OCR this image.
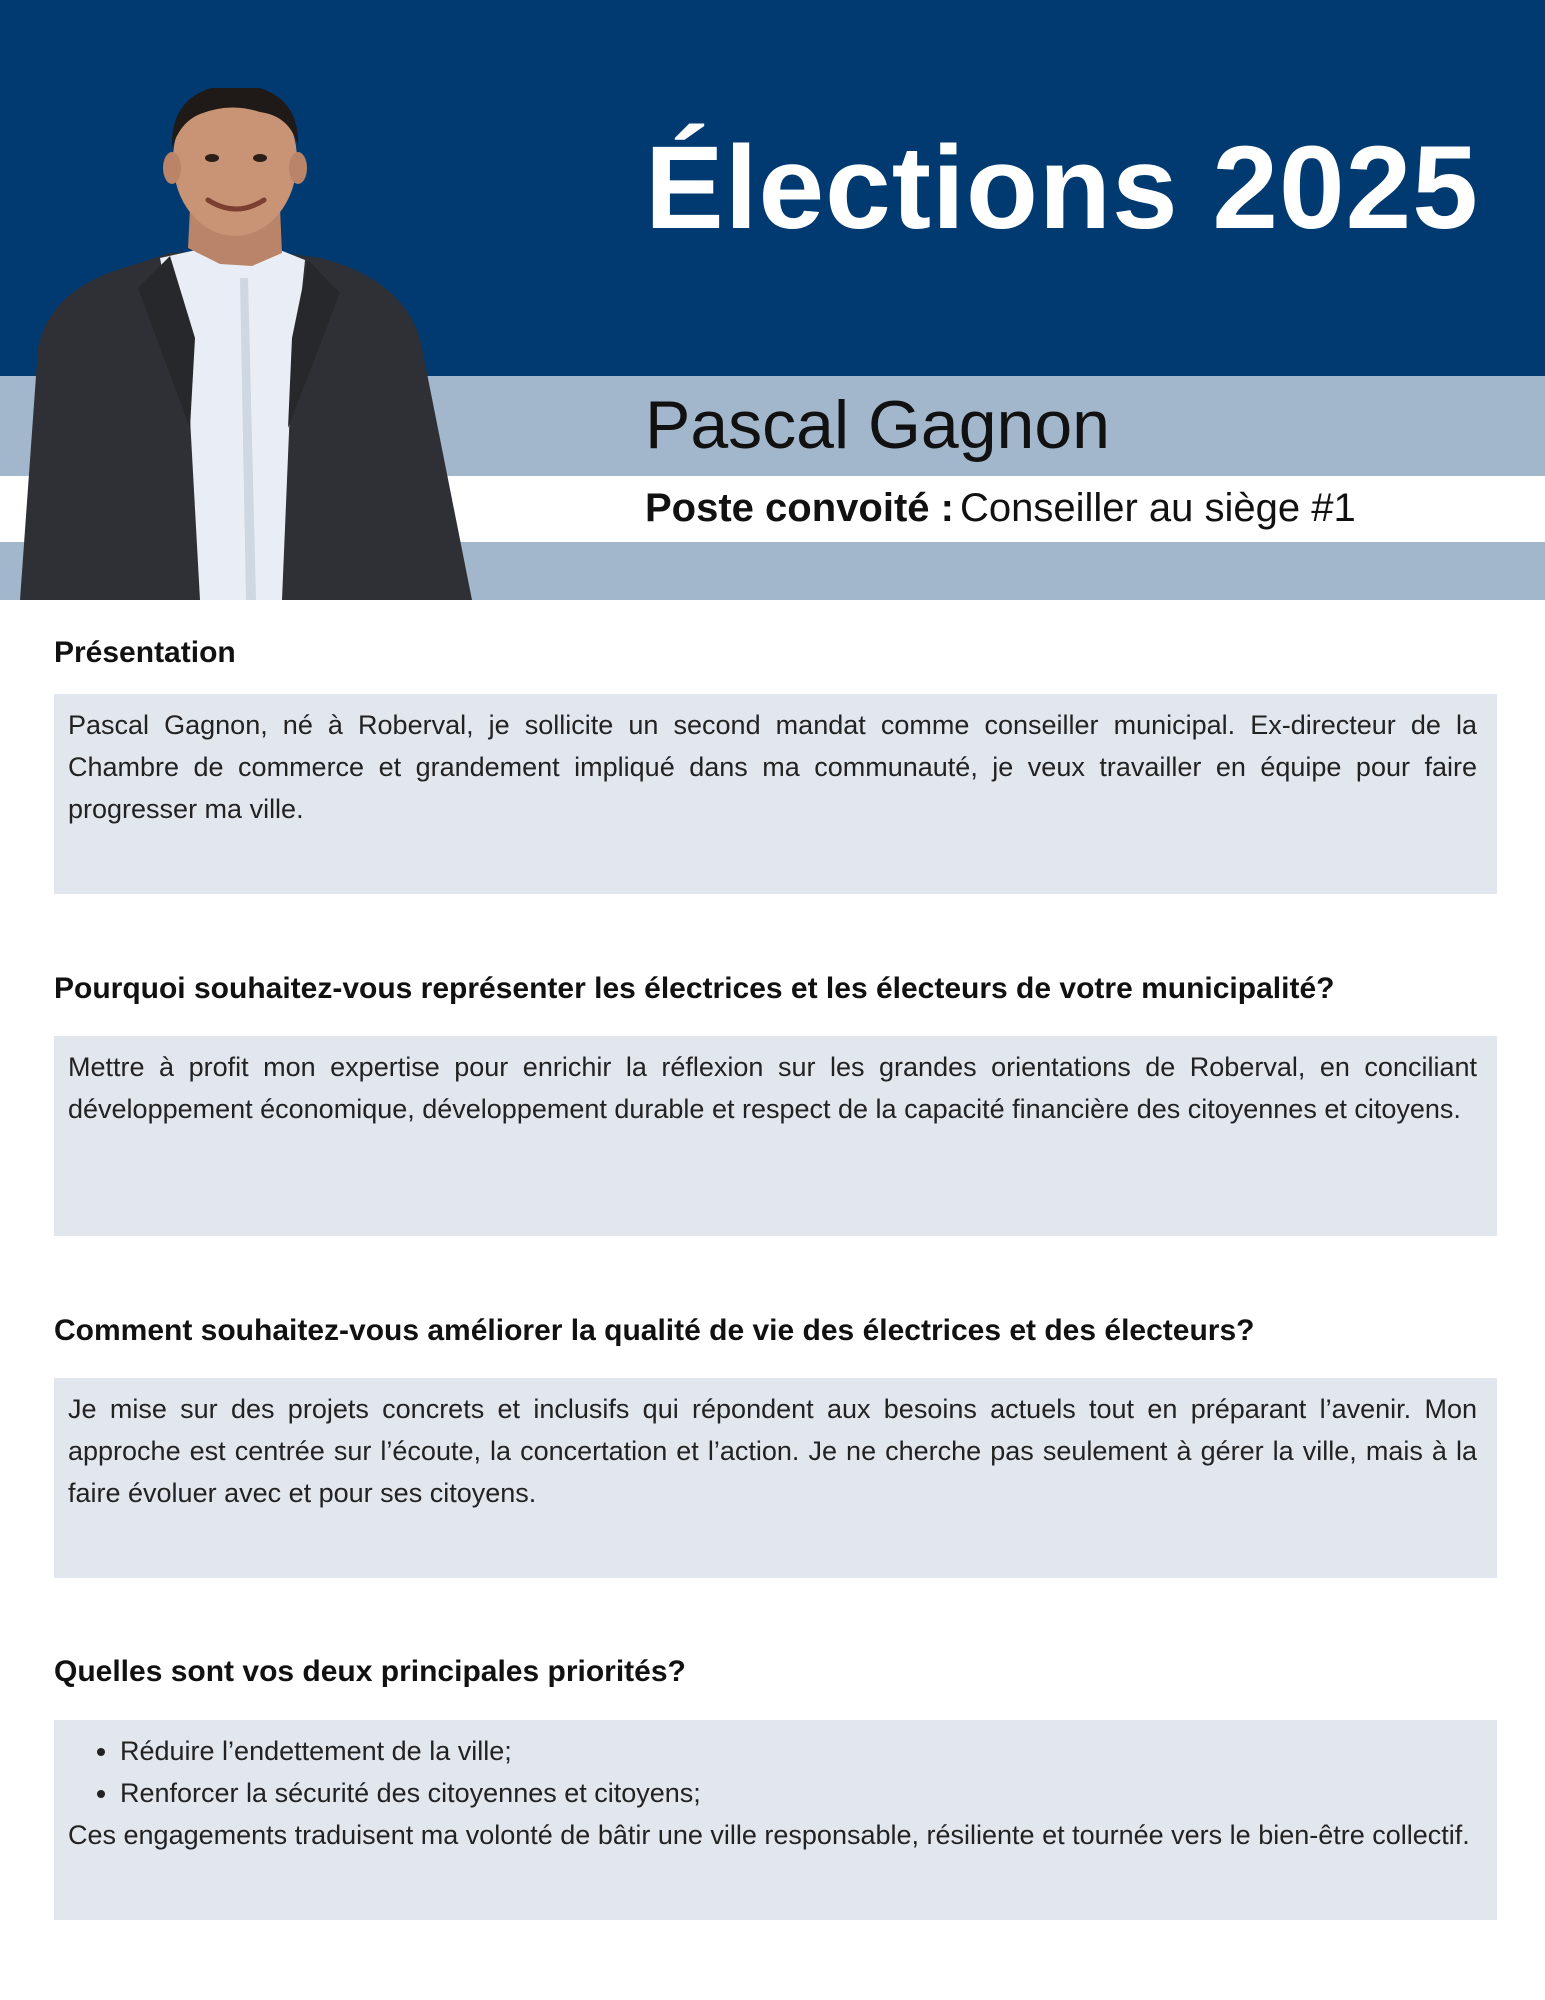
Élections 2025
Pascal Gagnon
Poste convoité : Conseiller au siège #1
Présentation

Pascal Gagnon, né à Roberval, je sollicite un second mandat comme conseiller municipal. Ex-directeur de la Chambre de commerce et grandement impliqué dans ma communauté, je veux travailler en équipe pour faire progresser ma ville.

Pourquoi souhaitez-vous représenter les électrices et les électeurs de votre municipalité?

Mettre à profit mon expertise pour enrichir la réflexion sur les grandes orientations de Roberval, en conciliant développement économique, développement durable et respect de la capacité financière des citoyennes et citoyens.

Comment souhaitez-vous améliorer la qualité de vie des électrices et des électeurs?

Je mise sur des projets concrets et inclusifs qui répondent aux besoins actuels tout en préparant l’avenir. Mon approche est centrée sur l’écoute, la concertation et l’action. Je ne cherche pas seulement à gérer la ville, mais à la faire évoluer avec et pour ses citoyens.

Quelles sont vos deux principales priorités?
• Réduire l’endettement de la ville;
• Renforcer la sécurité des citoyennes et citoyens;

Ces engagements traduisent ma volonté de bâtir une ville responsable, résiliente et tournée vers le bien-être collectif.
